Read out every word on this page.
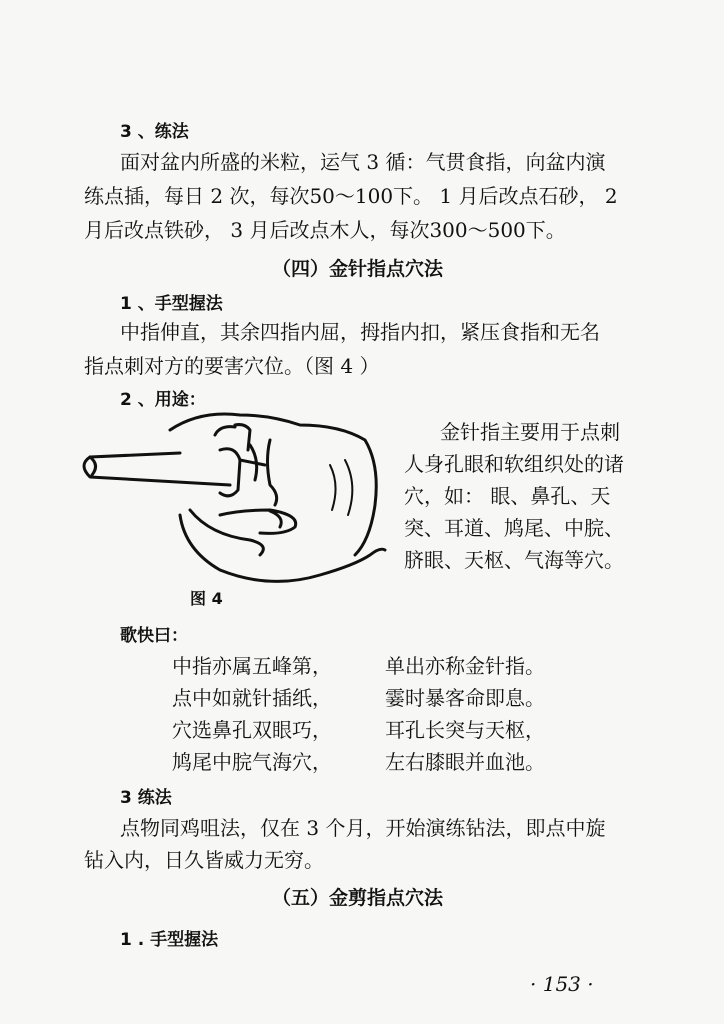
3 、练法
面对盆内所盛的米粒，运气 3 循：气贯食指，向盆内演
练点插，每日 2 次，每次50～100下。 1 月后改点石砂， 2
月后改点铁砂， 3 月后改点木人，每次300～500下。
（四）金针指点穴法
1 、手型握法
中指伸直，其余四指内屈，拇指内扣，紧压食指和无名
指点刺对方的要害穴位。（图 4 ）
2 、用途：
金针指主要用于点刺
人身孔眼和软组织处的诸
穴，如： 眼、鼻孔、天
突、耳道、鸠尾、中脘、
脐眼、天枢、气海等穴。
图 4
歌快曰：
中指亦属五峰第，	单出亦称金针指。
点中如就针插纸，	霎时暴客命即息。
穴选鼻孔双眼巧，	耳孔长突与天枢，
鸠尾中脘气海穴，	左右膝眼并血池。
3 练法
点物同鸡咀法，仅在 3 个月，开始演练钻法，即点中旋
钻入内，日久皆威力无穷。
（五）金剪指点穴法
1 . 手型握法
· 153 ·
